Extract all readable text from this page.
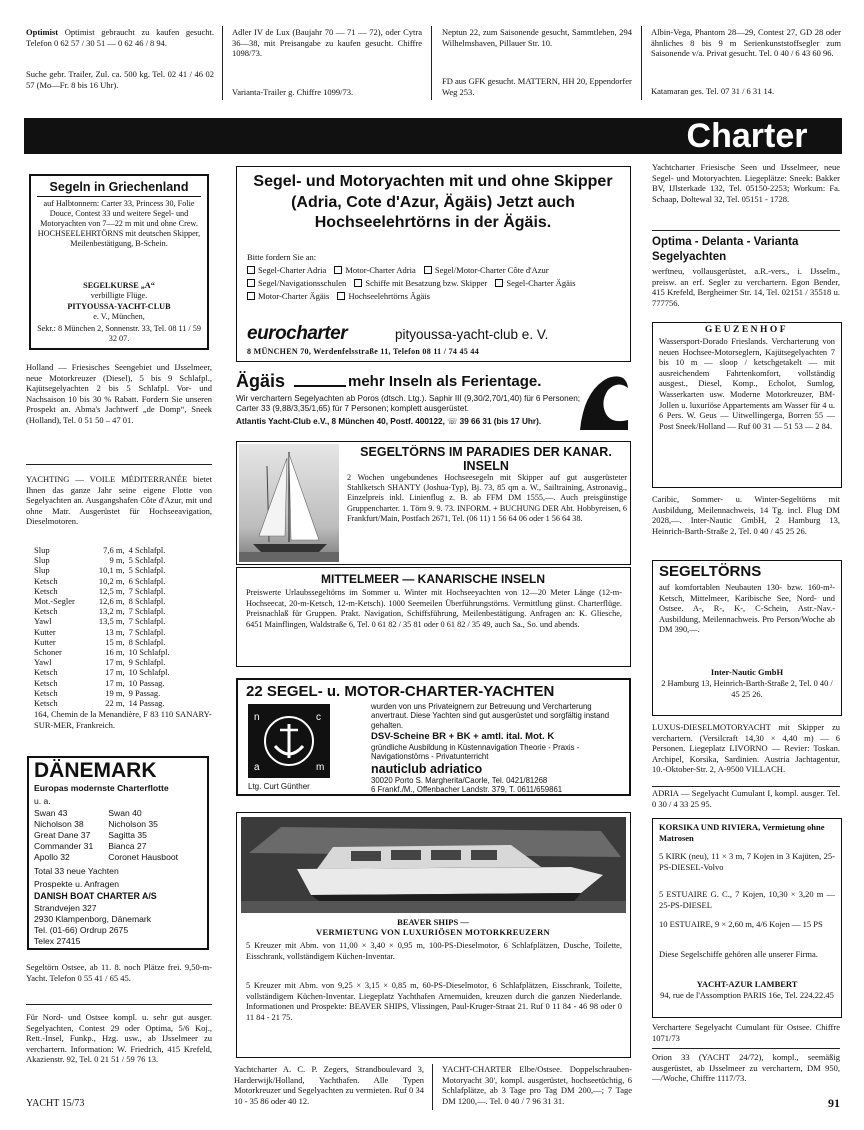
Optimist Optimist gebraucht zu kaufen gesucht. Telefon 0 62 57 / 30 51 — 0 62 46 / 8 94.
Suche gebr. Trailer, Zul. ca. 500 kg. Tel. 02 41 / 46 02 57 (Mo—Fr. 8 bis 16 Uhr).
Adler IV de Lux (Baujahr 70 — 71 — 72), oder Cytra 36—38, mit Preisangabe zu kaufen gesucht. Chiffre 1098/73.
Varianta-Trailer g. Chiffre 1099/73.
Neptun 22, zum Saisonende gesucht, Sammtleben, 294 Wilhelmshaven, Pillauer Str. 10.
FD aus GFK gesucht. MATTERN, HH 20, Eppendorfer Weg 253.
Albin-Vega, Phantom 28—29, Contest 27, GD 28 oder ähnliches 8 bis 9 m Serienkunststoffsegler zum Saisonende v/a. Privat gesucht. Tel. 0 40 / 6 43 60 96.
Katamaran ges. Tel. 07 31 / 6 31 14.
Charter
Segeln in Griechenland
auf Halbtonnern: Carter 33, Princess 30, Folie Douce, Contest 33 und weitere Segel- und Motoryachten von 7—22 m mit und ohne Crew. HOCHSEELEHRTÖRNS mit deutschen Skipper, Meilenbestätigung, B-Schein.
SEGELKURSE „A“
verbilligte Flüge.
PITYOUSSA-YACHT-CLUB
e. V., München,
Sekr.: 8 München 2, Sonnenstr. 33, Tel. 08 11 / 59 32 07.
Holland — Friesisches Seengebiet und IJsselmeer, neue Motorkreuzer (Diesel), 5 bis 9 Schlafpl., Kajütsegelyachten 2 bis 5 Schlafpl. Vor- und Nachsaison 10 bis 30 % Rabatt. Fordern Sie unseren Prospekt an. Abma's Jachtwerf „de Domp“, Sneek (Holland), Tel. 0 51 50 – 47 01.
YACHTING — VOILE MÉDITERRANÉE bietet Ihnen das ganze Jahr seine eigene Flotte von Segelyachten an. Ausgangshafen Côte d'Azur, mit und ohne Matr. Ausgerüstet für Hochseeavigation, Dieselmotoren.
Slup	7,6 m,	4 Schlafpl.
Slup	9 m,	5 Schlafpl.
Slup	10,1 m,	5 Schlafpl.
Ketsch	10,2 m,	6 Schlafpl.
Ketsch	12,5 m,	7 Schlafpl.
Mot.-Segler	12,6 m,	8 Schlafpl.
Ketsch	13,2 m,	7 Schlafpl.
Yawl	13,5 m,	7 Schlafpl.
Kutter	13 m,	7 Schlafpl.
Kutter	15 m,	8 Schlafpl.
Schoner	16 m,	10 Schlafpl.
Yawl	17 m,	9 Schlafpl.
Ketsch	17 m,	10 Schlafpl.
Ketsch	17 m,	10 Passag.
Ketsch	19 m,	9 Passag.
Ketsch	22 m,	14 Passag.
164, Chemin de la Menandière, F 83 110 SANARY-SUR-MER, Frankreich.
DÄNEMARK
Europas modernste Charterflotte
u. a.
Swan 43	Swan 40
Nicholson 38	Nicholson 35
Great Dane 37	Sagitta 35
Commander 31	Bianca 27
Apollo 32	Coronet Hausboot
Total 33 neue Yachten
Prospekte u. Anfragen
DANISH BOAT CHARTER A/S
Strandvejen 327
2930 Klampenborg, Dänemark
Tel. (01-66) Ordrup 2675
Telex 27415
Segeltörn Ostsee, ab 11. 8. noch Plätze frei. 9,50-m-Yacht. Telefon 0 55 41 / 65 45.
Für Nord- und Ostsee kompl. u. sehr gut ausger. Segelyachten, Contest 29 oder Optima, 5/6 Koj., Rett.-Insel, Funkp., Hzg. usw., ab IJsselmeer zu verchartern. Information: W. Friedrich, 415 Krefeld, Akazienstr. 92, Tel. 0 21 51 / 59 76 13.
YACHT 15/73	91
Segel- und Motoryachten mit und ohne Skipper (Adria, Cote d'Azur, Ägäis) Jetzt auch Hochseelehrtörns in der Ägäis.
Bitte fordern Sie an:
Segel-Charter Adria Motor-Charter Adria Segel/Motor-Charter Côte d'Azur Segel/Navigationsschulen Schiffe mit Besatzung bzw. Skipper Segel-Charter Ägäis Motor-Charter Ägäis Hochseelehrtörns Ägäis
eurocharter	pityoussa-yacht-club e. V.
8 MÜNCHEN 70, Werdenfelsstraße 11, Telefon 08 11 / 74 45 44
Ägäis	mehr Inseln als Ferientage.
Wir verchartern Segelyachten ab Poros (dtsch. Ltg.). Saphir III (9,30/2,70/1,40) für 6 Personen; Carter 33 (9,88/3,35/1,65) für 7 Personen; komplett ausgerüstet.
Atlantis Yacht-Club e.V., 8 München 40, Postf. 400122, ☏ 39 66 31 (bis 17 Uhr).
SEGELTÖRNS IM PARADIES DER KANAR. INSELN
2 Wochen ungebundenes Hochseesegeln mit Skipper auf gut ausgerüsteter Stahlketsch SHANTY (Joshua-Typ), Bj. 73, 85 qm a. W., Sailtraining, Astronavig., Einzelpreis inkl. Linienflug z. B. ab FFM DM 1555,—. Auch preisgünstige Gruppencharter. 1. Törn 9. 9. 73. INFORM. + BUCHUNG DER Abt. Hobbyreisen, 6 Frankfurt/Main, Postfach 2671, Tel. (06 11) 1 56 64 06 oder 1 56 64 38.
MITTELMEER — KANARISCHE INSELN
Preiswerte Urlaubssegeltörns im Sommer u. Winter mit Hochseeyachten von 12—20 Meter Länge (12-m-Hochseecat, 20-m-Ketsch, 12-m-Ketsch). 1000 Seemeilen Überführungstörns. Vermittlung günst. Charterflüge. Preisnachlaß für Gruppen. Prakt. Navigation, Schiffsführung, Meilenbestätigung. Anfragen an: K. Gliesche, 6451 Mainflingen, Waldstraße 6, Tel. 0 61 82 / 35 81 oder 0 61 82 / 35 49, auch Sa., So. und abends.
22 SEGEL- u. MOTOR-CHARTER-YACHTEN
n	c
a	m
Ltg. Curt Günther
wurden von uns Privateignern zur Betreuung und Vercharterung anvertraut. Diese Yachten sind gut ausgerüstet und sorgfältig instand gehalten.
DSV-Scheine BR + BK + amtl. ital. Mot. K
gründliche Ausbildung in Küstennavigation Theorie - Praxis - Navigationstörns - Privatunterricht
nauticlub adriatico
30020 Porto S. Margherita/Caorle, Tel. 0421/81268
6 Frankf./M., Offenbacher Landstr. 379, T. 0611/659861
BEAVER SHIPS —
VERMIETUNG VON LUXURIÖSEN MOTORKREUZERN
5 Kreuzer mit Abm. von 11,00 × 3,40 × 0,95 m, 100-PS-Dieselmotor, 6 Schlafplätzen, Dusche, Toilette, Eisschrank, vollständigem Küchen-Inventar.
5 Kreuzer mit Abm. von 9,25 × 3,15 × 0,85 m, 60-PS-Dieselmotor, 6 Schlafplätzen, Eisschrank, Toilette, vollständigem Küchen-Inventar. Liegeplatz Yachthafen Arnemuiden, kreuzen durch die ganzen Niederlande. Informationen und Prospekte: BEAVER SHIPS, Vlissingen, Paul-Kruger-Straat 21. Ruf 0 11 84 - 46 98 oder 0 11 84 - 21 75.
Yachtcharter A. C. P. Zegers, Strandboulevard 3, Harderwijk/Holland, Yachthafen. Alle Typen Motorkreuzer und Segelyachten zu vermieten. Ruf 0 34 10 - 35 86 oder 40 12.
YACHT-CHARTER Elbe/Ostsee. Doppelschrauben-Motoryacht 30', kompl. ausgerüstet, hochseetüchtig, 6 Schlafplätze, ab 3 Tage pro Tag DM 200,—; 7 Tage DM 1200,—. Tel. 0 40 / 7 96 31 31.
Yachtcharter Friesische Seen und IJsselmeer, neue Segel- und Motoryachten. Liegeplätze: Sneek: Bakker BV, IJlsterkade 132, Tel. 05150-2253; Workum: Fa. Schaap, Doltewal 32, Tel. 05151 - 1728.
Optima - Delanta - Varianta Segelyachten
werftneu, vollausgerüstet, a.R.-vers., i. IJsselm., preisw. an erf. Segler zu verchartern. Egon Bender, 415 Krefeld, Bergheimer Str. 14, Tel. 02151 / 35518 u. 777756.
GEUZENHOF
Wassersport-Dorado Frieslands. Vercharterung von neuen Hochsee-Motorseglern, Kajütsegelyachten 7 bis 10 m — sloop / ketschgetakelt — mit ausreichendem Fahrtenkomfort, vollständig ausgest., Diesel, Komp., Echolot, Sumlog, Wasserkarten usw. Moderne Motorkreuzer, BM-Jollen u. luxuriöse Appartements am Wasser für 4 u. 6 Pers. W. Geus — Uitwellingerga, Borren 55 — Post Sneek/Holland — Ruf 00 31 — 51 53 — 2 84.
Caribic, Sommer- u. Winter-Segeltörns mit Ausbildung, Meilennachweis, 14 Tg. incl. Flug DM 2028,—. Inter-Nautic GmbH, 2 Hamburg 13, Heinrich-Barth-Straße 2, Tel. 0 40 / 45 25 26.
SEGELTÖRNS
auf komfortablen Neubauten 130- bzw. 160-m²-Ketsch, Mittelmeer, Karibische See, Nord- und Ostsee. A-, R-, K-, C-Schein, Astr.-Nav.-Ausbildung, Meilennachweis. Pro Person/Woche ab DM 390,—.
Inter-Nautic GmbH
2 Hamburg 13, Heinrich-Barth-Straße 2, Tel. 0 40 / 45 25 26.
LUXUS-DIESELMOTORYACHT mit Skipper zu verchartern. (Versilcraft 14,30 × 4,40 m) — 6 Personen. Liegeplatz LIVORNO — Revier: Toskan. Archipel, Korsika, Sardinien. Austria Jachtagentur, 10.-Oktober-Str. 2, A-9500 VILLACH.
ADRIA — Segelyacht Cumulant I, kompl. ausger. Tel. 0 30 / 4 33 25 95.
KORSIKA UND RIVIERA, Vermietung ohne Matrosen
5 KIRK (neu), 11 × 3 m, 7 Kojen in 3 Kajüten, 25-PS-DIESEL-Volvo
5 ESTUAIRE G. C., 7 Kojen, 10,30 × 3,20 m — 25-PS-DIESEL
10 ESTUAIRE, 9 × 2,60 m, 4/6 Kojen — 15 PS
Diese Segelschiffe gehören alle unserer Firma.
YACHT-AZUR LAMBERT
94, rue de l'Assomption PARIS 16e, Tel. 224.22.45
Verchartere Segelyacht Cumulant für Ostsee. Chiffre 1071/73
Orion 33 (YACHT 24/72), kompl., seemäßig ausgerüstet, ab IJsselmeer zu verchartern, DM 950,—/Woche, Chiffre 1117/73.
